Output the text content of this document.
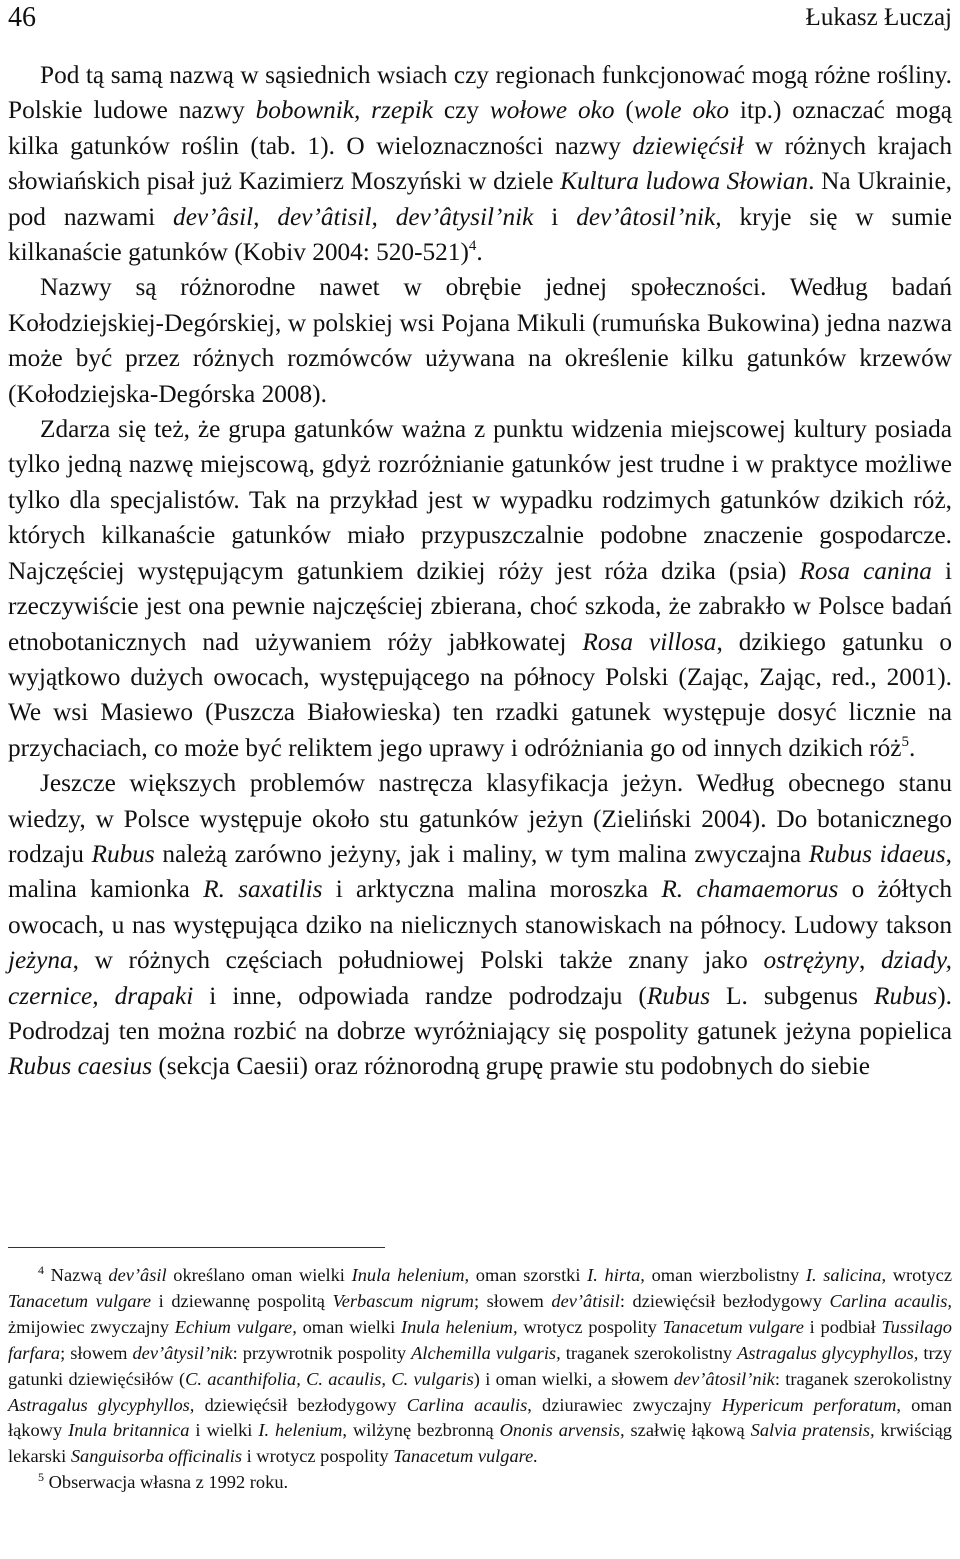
46	Łukasz Łuczaj

Pod tą samą nazwą w sąsiednich wsiach czy regionach funkcjonować mogą różne rośliny. Polskie ludowe nazwy bobownik, rzepik czy wołowe oko (wole oko itp.) oznaczać mogą kilka gatunków roślin (tab. 1). O wieloznaczności nazwy dziewięćsił w różnych krajach słowiańskich pisał już Kazimierz Moszyński w dziele Kultura ludowa Słowian. Na Ukrainie, pod nazwami dev’âsil, dev’âtisil, dev’âtysil’nik i dev’âtosil’nik, kryje się w sumie kilkanaście gatunków (Kobiv 2004: 520-521)$^4$.

Nazwy są różnorodne nawet w obrębie jednej społeczności. Według badań Kołodziejskiej-Degórskiej, w polskiej wsi Pojana Mikuli (rumuńska Bukowina) jedna nazwa może być przez różnych rozmówców używana na określenie kilku gatunków krzewów (Kołodziejska-Degórska 2008).

Zdarza się też, że grupa gatunków ważna z punktu widzenia miejscowej kultury posiada tylko jedną nazwę miejscową, gdyż rozróżnianie gatunków jest trudne i w praktyce możliwe tylko dla specjalistów. Tak na przykład jest w wypadku rodzimych gatunków dzikich róż, których kilkanaście gatunków miało przypuszczalnie podobne znaczenie gospodarcze. Najczęściej występującym gatunkiem dzikiej róży jest róża dzika (psia) Rosa canina i rzeczywiście jest ona pewnie najczęściej zbierana, choć szkoda, że zabrakło w Polsce badań etnobotanicznych nad używaniem róży jabłkowatej Rosa villosa, dzikiego gatunku o wyjątkowo dużych owocach, występującego na północy Polski (Zając, Zając, red., 2001). We wsi Masiewo (Puszcza Białowieska) ten rzadki gatunek występuje dosyć licznie na przychaciach, co może być reliktem jego uprawy i odróżniania go od innych dzikich róż$^5$.

Jeszcze większych problemów nastręcza klasyfikacja jeżyn. Według obecnego stanu wiedzy, w Polsce występuje około stu gatunków jeżyn (Zieliński 2004). Do botanicznego rodzaju Rubus należą zarówno jeżyny, jak i maliny, w tym malina zwyczajna Rubus idaeus, malina kamionka R. saxatilis i arktyczna malina moroszka R. chamaemorus o żółtych owocach, u nas występująca dziko na nielicznych stanowiskach na północy. Ludowy takson jeżyna, w różnych częściach południowej Polski także znany jako ostrężyny, dziady, czernice, drapaki i inne, odpowiada randze podrodzaju (Rubus L. subgenus Rubus). Podrodzaj ten można rozbić na dobrze wyróżniający się pospolity gatunek jeżyna popielica Rubus caesius (sekcja Caesii) oraz różnorodną grupę prawie stu podobnych do siebie

$^4$ Nazwą dev’âsil określano oman wielki Inula helenium, oman szorstki I. hirta, oman wierzbolistny I. salicina, wrotycz Tanacetum vulgare i dziewannę pospolitą Verbascum nigrum; słowem dev’âtisil: dziewięćsił bezłodygowy Carlina acaulis, żmijowiec zwyczajny Echium vulgare, oman wielki Inula helenium, wrotycz pospolity Tanacetum vulgare i podbiał Tussilago farfara; słowem dev’âtysil’nik: przywrotnik pospolity Alchemilla vulgaris, traganek szerokolistny Astragalus glycyphyllos, trzy gatunki dziewięćsiłów (C. acanthifolia, C. acaulis, C. vulgaris) i oman wielki, a słowem dev’âtosil’nik: traganek szerokolistny Astragalus glycyphyllos, dziewięćsił bezłodygowy Carlina acaulis, dziurawiec zwyczajny Hypericum perforatum, oman łąkowy Inula britannica i wielki I. helenium, wilżynę bezbronną Ononis arvensis, szałwię łąkową Salvia pratensis, krwiściąg lekarski Sanguisorba officinalis i wrotycz pospolity Tanacetum vulgare.

$^5$ Obserwacja własna z 1992 roku.
